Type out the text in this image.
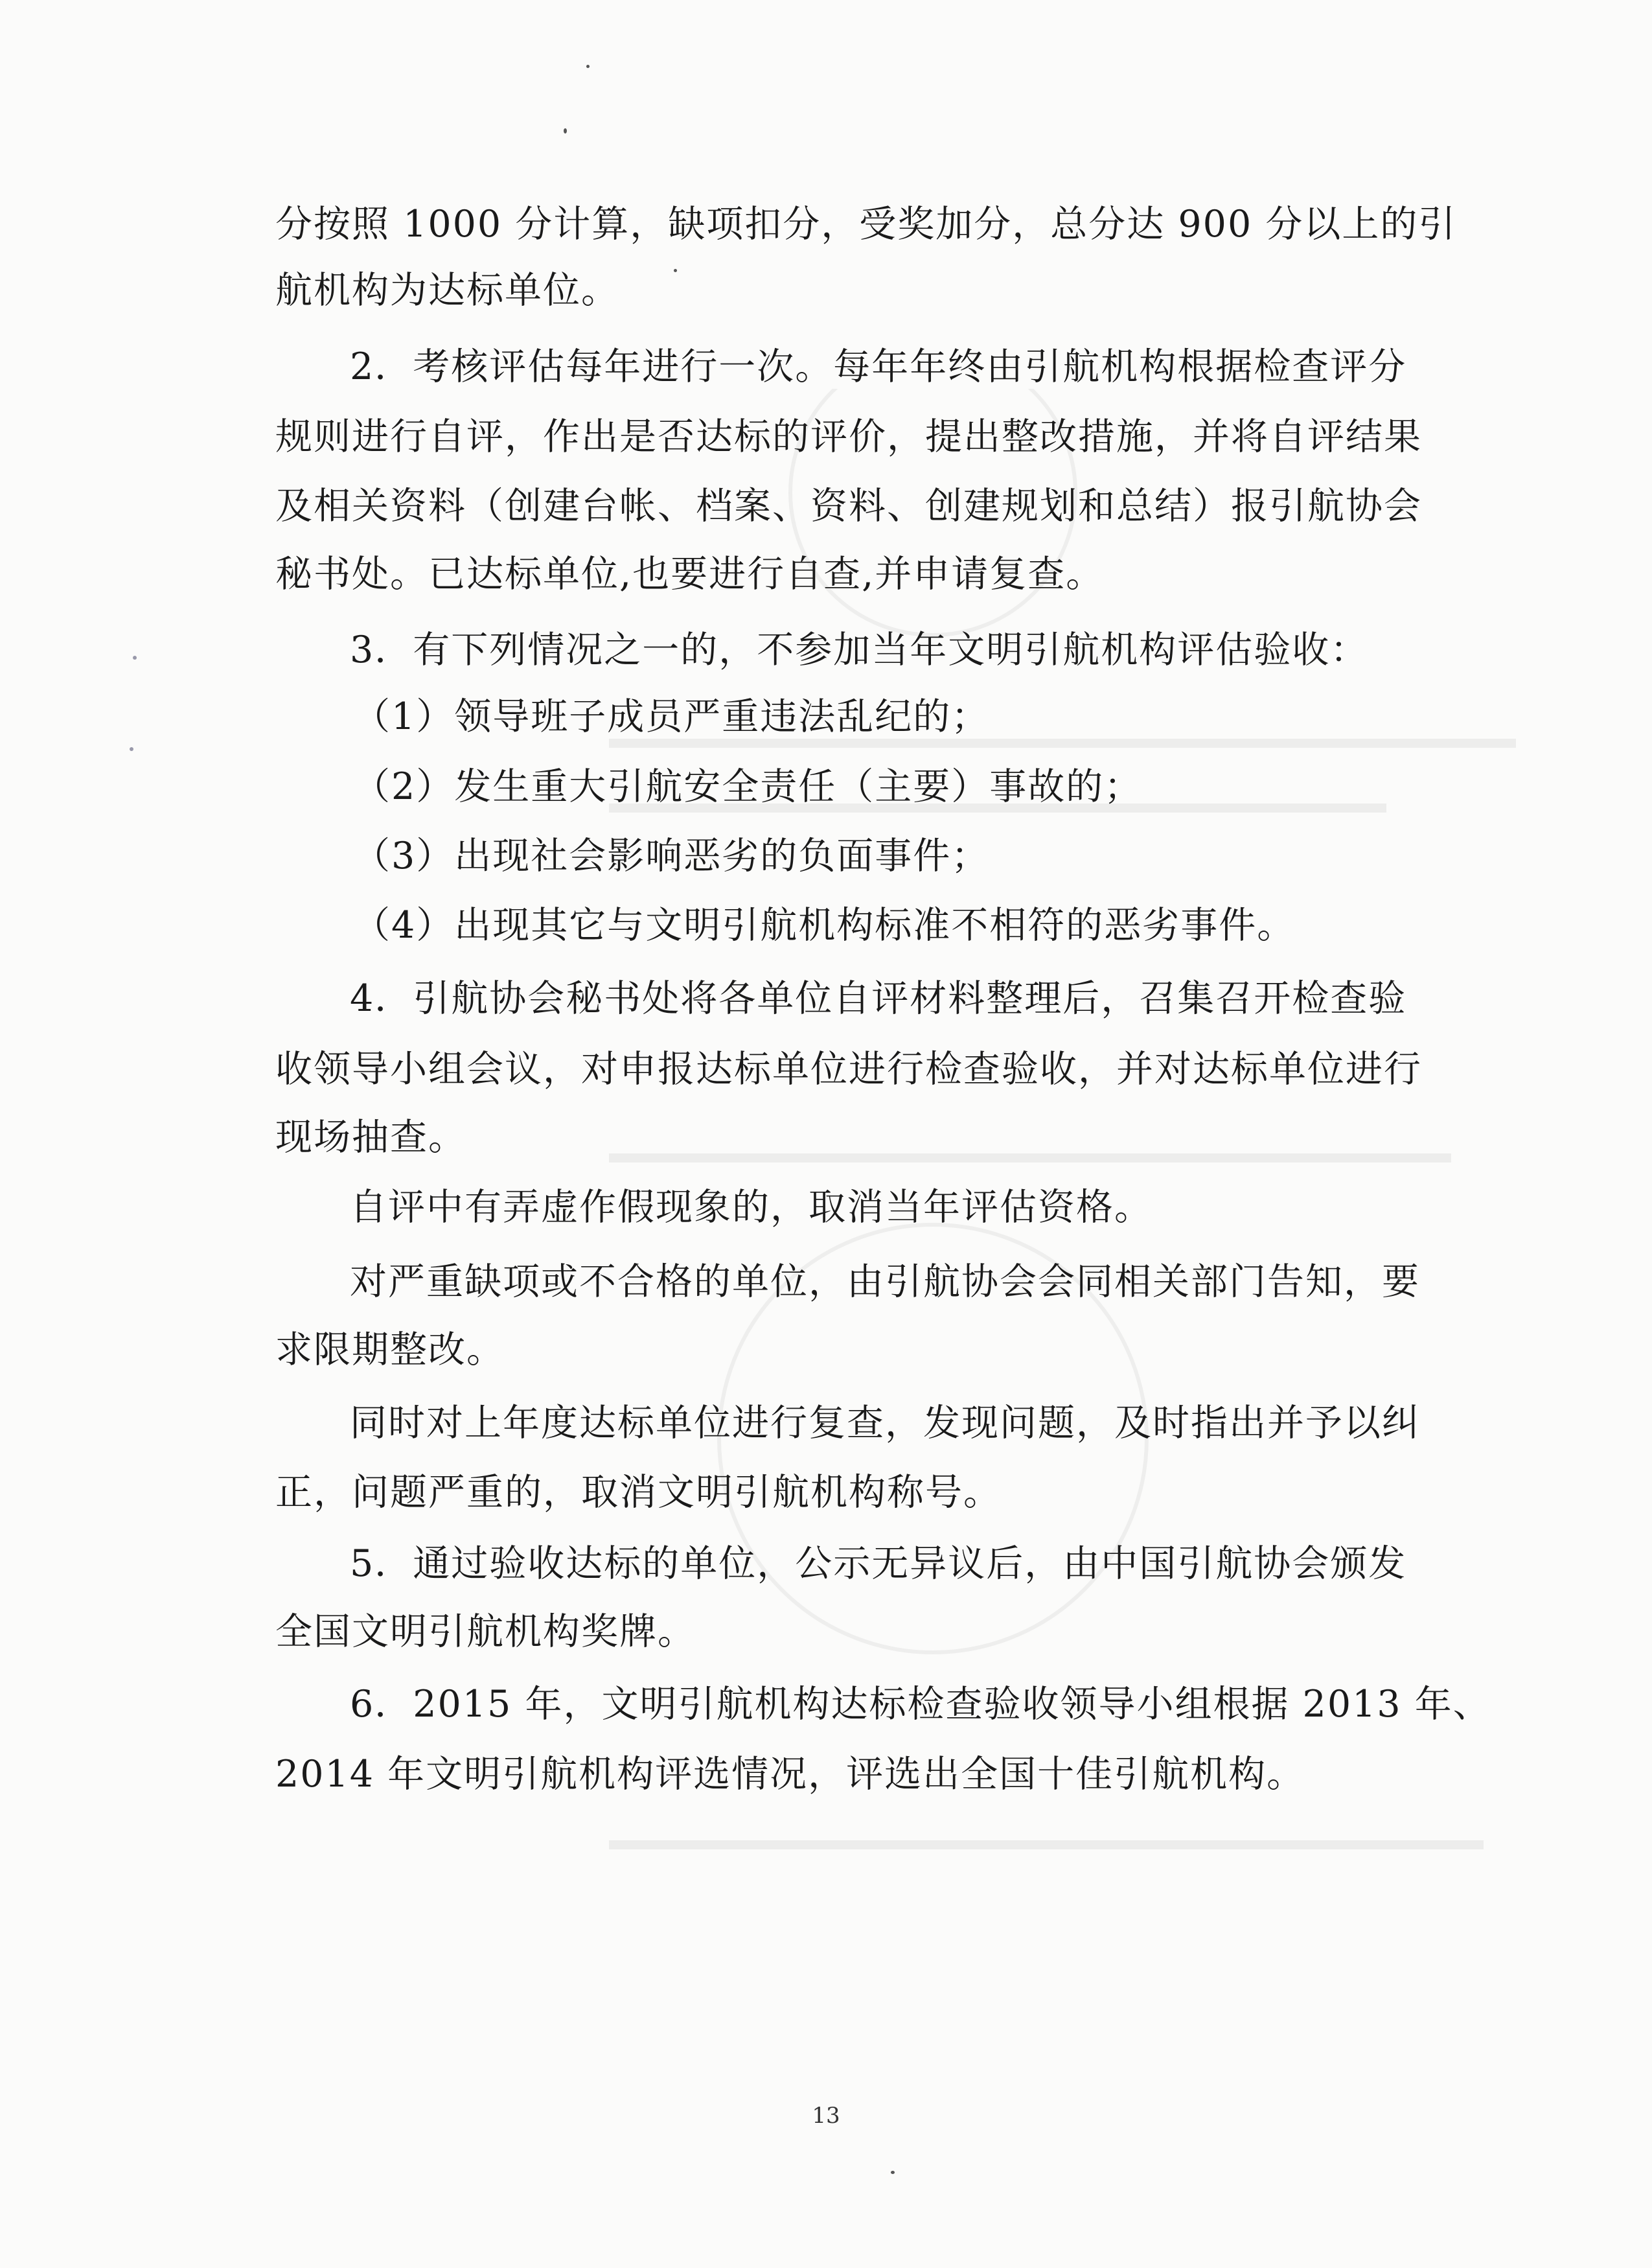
分按照 1000 分计算，缺项扣分，受奖加分，总分达 900 分以上的引
航机构为达标单位。
2．考核评估每年进行一次。每年年终由引航机构根据检查评分
规则进行自评，作出是否达标的评价，提出整改措施，并将自评结果
及相关资料（创建台帐、档案、资料、创建规划和总结）报引航协会
秘书处。已达标单位,也要进行自查,并申请复查。
3．有下列情况之一的，不参加当年文明引航机构评估验收：
（1）领导班子成员严重违法乱纪的；
（2）发生重大引航安全责任（主要）事故的；
（3）出现社会影响恶劣的负面事件；
（4）出现其它与文明引航机构标准不相符的恶劣事件。
4．引航协会秘书处将各单位自评材料整理后，召集召开检查验
收领导小组会议，对申报达标单位进行检查验收，并对达标单位进行
现场抽查。
自评中有弄虚作假现象的，取消当年评估资格。
对严重缺项或不合格的单位，由引航协会会同相关部门告知，要
求限期整改。
同时对上年度达标单位进行复查，发现问题，及时指出并予以纠
正，问题严重的，取消文明引航机构称号。
5．通过验收达标的单位，公示无异议后，由中国引航协会颁发
全国文明引航机构奖牌。
6．2015 年，文明引航机构达标检查验收领导小组根据 2013 年、
2014 年文明引航机构评选情况，评选出全国十佳引航机构。
13
